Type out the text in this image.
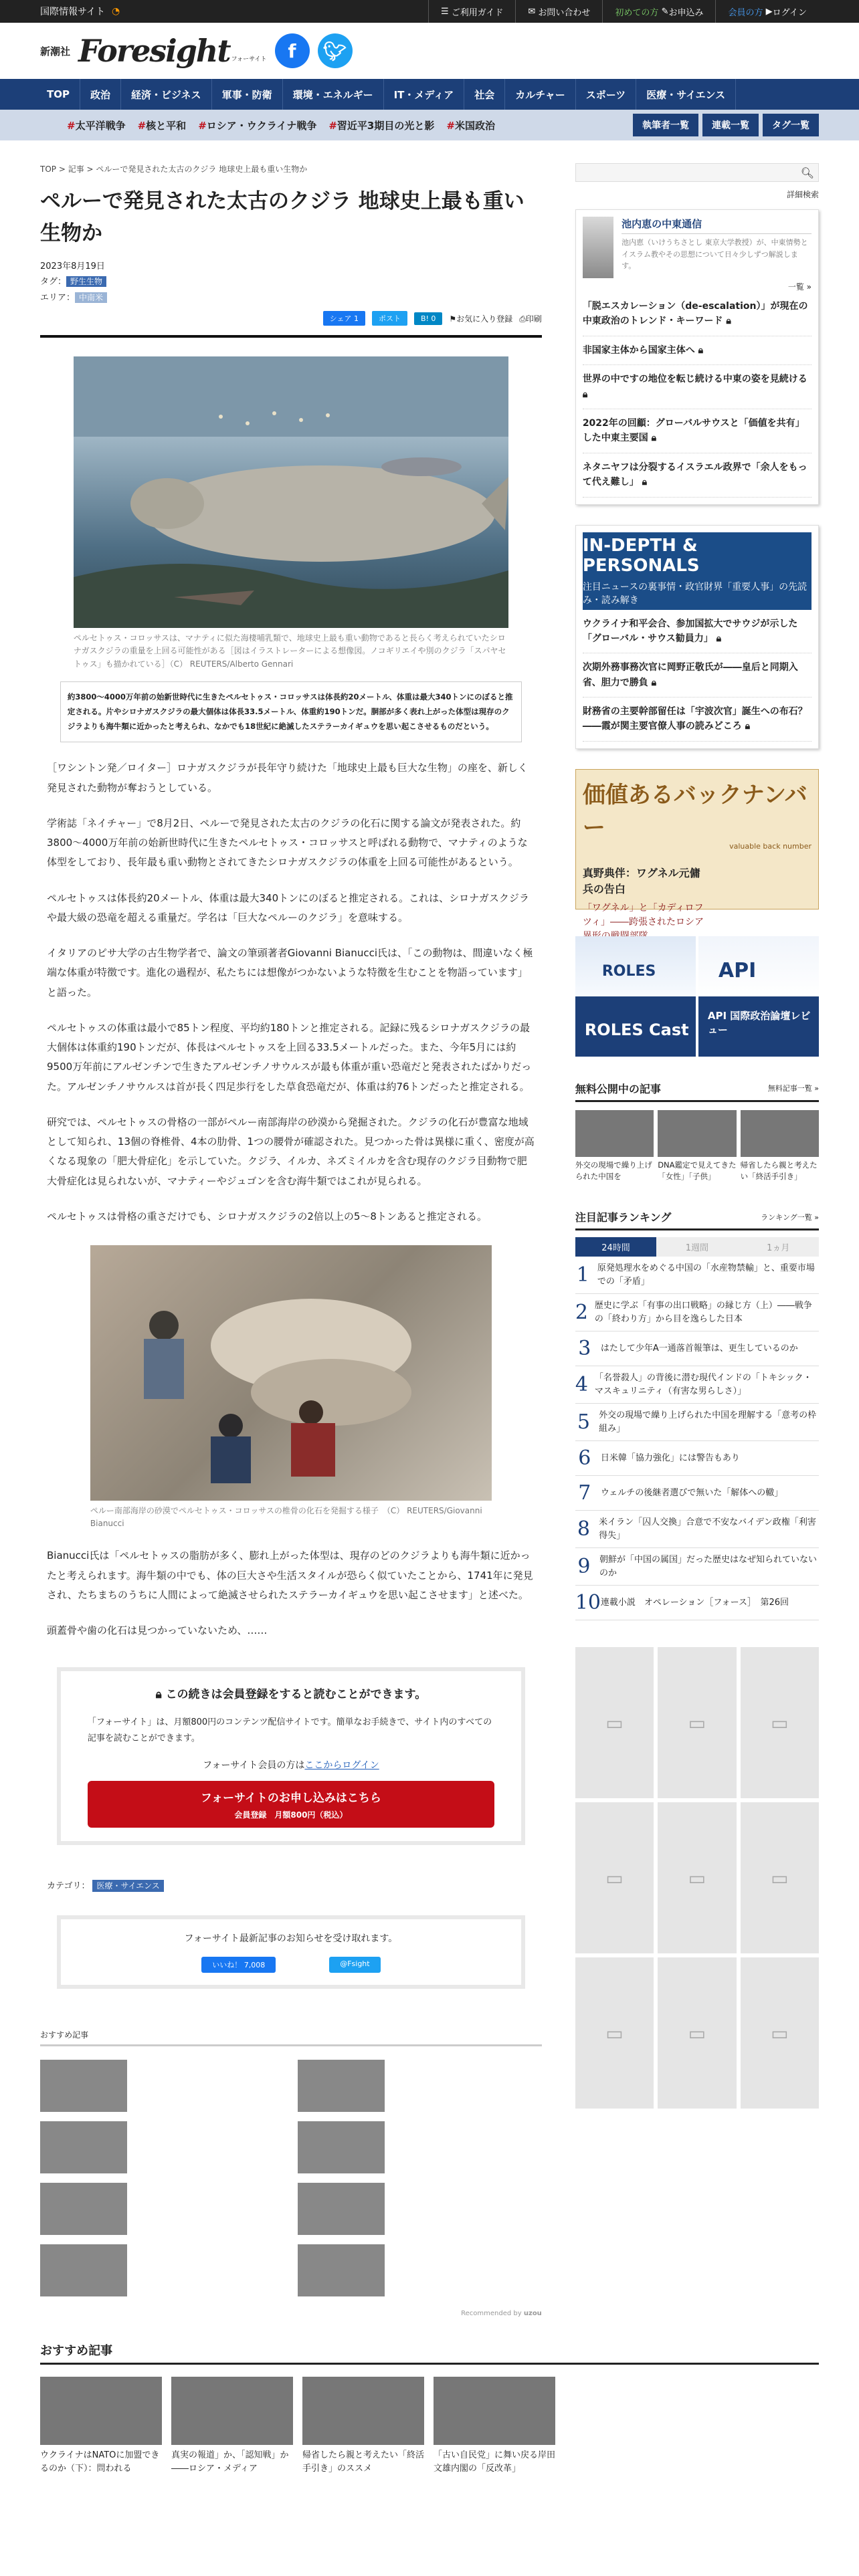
国際情報サイト ◔	☰ ご利用ガイド	✉ お問い合わせ	初めての方 ✎ お申込み	会員の方 ▶ ログイン
新潮社 Foresight フォーサイト	f	🐦︎
TOP	政治	経済・ビジネス	軍事・防衛	環境・エネルギー	IT・メディア	社会	カルチャー	スポーツ	医療・サイエンス
#太平洋戦争 #核と平和 #ロシア・ウクライナ戦争 #習近平3期目の光と影 #米国政治	執筆者一覧	連載一覧	タグ一覧
TOP > 記事 > ペルーで発見された太古のクジラ 地球史上最も重い生物か
ペルーで発見された太古のクジラ 地球史上最も重い生物か
2023年8月19日
タグ： 野生生物
エリア： 中南米
シェア 1	ポスト	B! 0	⚑お気に入り登録 ⎙印刷
ペルセトゥス・コロッサスは、マナティに似た海棲哺乳類で、地球史上最も重い動物であると長らく考えられていたシロナガスクジラの重量を上回る可能性がある［図はイラストレーターによる想像図。ノコギリエイや別のクジラ「スパヤセトゥス」も描かれている］（C） REUTERS/Alberto Gennari
約3800～4000万年前の始新世時代に生きたペルセトゥス・コロッサスは体長約20メートル、体重は最大340トンにのぼると推定される。片やシロナガスクジラの最大個体は体長33.5メートル、体重約190トンだ。胴部が多く表れ上がった体型は現存のクジラよりも海牛類に近かったと考えられ、なかでも18世紀に絶滅したステラーカイギュウを思い起こさせるものだという。

［ワシントン発／ロイター］ロナガスクジラが長年守り続けた「地球史上最も巨大な生物」の座を、新しく発見された動物が奪おうとしている。

学術誌「ネイチャー」で8月2日、ペルーで発見された太古のクジラの化石に関する論文が発表された。約3800～4000万年前の始新世時代に生きたペルセトゥス・コロッサスと呼ばれる動物で、マナティのような体型をしており、長年最も重い動物とされてきたシロナガスクジラの体重を上回る可能性があるという。

ペルセトゥスは体長約20メートル、体重は最大340トンにのぼると推定される。これは、シロナガスクジラや最大級の恐竜を超える重量だ。学名は「巨大なペルーのクジラ」を意味する。

イタリアのピサ大学の古生物学者で、論文の筆頭著者Giovanni Bianucci氏は、「この動物は、間違いなく極端な体重が特徴です。進化の過程が、私たちには想像がつかないような特徴を生むことを物語っています」と語った。

ペルセトゥスの体重は最小で85トン程度、平均約180トンと推定される。記録に残るシロナガスクジラの最大個体は体重約190トンだが、体長はペルセトゥスを上回る33.5メートルだった。また、今年5月には約9500万年前にアルゼンチンで生きたアルゼンチノサウルスが最も体重が重い恐竜だと発表されたばかりだった。アルゼンチノサウルスは首が長く四足歩行をした草食恐竜だが、体重は約76トンだったと推定される。

研究では、ペルセトゥスの骨格の一部がペルー南部海岸の砂漠から発掘された。クジラの化石が豊富な地域として知られ、13個の脊椎骨、4本の肋骨、1つの腰骨が確認された。見つかった骨は異様に重く、密度が高くなる現象の「肥大骨症化」を示していた。クジラ、イルカ、ネズミイルカを含む現存のクジラ目動物で肥大骨症化は見られないが、マナティーやジュゴンを含む海牛類ではこれが見られる。

ペルセトゥスは骨格の重さだけでも、シロナガスクジラの2倍以上の5～8トンあると推定される。

ペルー南部海岸の砂漠でペルセトゥス・コロッサスの椎骨の化石を発掘する様子　（C） REUTERS/Giovanni Bianucci

Bianucci氏は「ペルセトゥスの脂肪が多く、膨れ上がった体型は、現存のどのクジラよりも海牛類に近かったと考えられます。海牛類の中でも、体の巨大さや生活スタイルが恐らく似ていたことから、1741年に発見され、たちまちのうちに人間によって絶滅させられたステラーカイギュウを思い起こさせます」と述べた。

頭蓋骨や歯の化石は見つかっていないため、……

🔒︎ この続きは会員登録をすると読むことができます。
「フォーサイト」は、月額800円のコンテンツ配信サイトです。簡単なお手続きで、サイト内のすべての記事を読むことができます。
フォーサイト会員の方はここからログイン
フォーサイトのお申し込みはこちら
会員登録　月額800円（税込）
カテゴリ： 医療・サイエンス
フォーサイト最新記事のお知らせを受け取れます。
いいね！ 7,008	@Fsight
おすすめ記事
Recommended by uzou
🔍︎
詳細検索
池内恵の中東通信
池内恵（いけうちさとし 東京大学教授）が、中東情勢とイスラム教やその思想について日々少しずつ解説します。
一覧 »
「脱エスカレーション（de-escalation）」が現在の中東政治のトレンド・キーワード 🔒︎
非国家主体から国家主体へ 🔒︎
世界の中ですの地位を転じ続ける中東の姿を見続ける 🔒︎
2022年の回顧：グローバルサウスと「価値を共有」した中東主要国 🔒︎
ネタニヤフは分裂するイスラエル政界で「余人をもって代え難し」 🔒︎
IN-DEPTH & PERSONALS
注目ニュースの裏事情・政官財界「重要人事」の先読み・読み解き
ウクライナ和平会合、参加国拡大でサウジが示した「グローバル・サウス勧員力」 🔒︎
次期外務事務次官に岡野正敬氏が――皇后と同期入省、胆力で勝負 🔒︎
財務省の主要幹部留任は「宇波次官」誕生への布石？――霞が関主要官僚人事の読みどころ 🔒︎
価値あるバックナンバー
valuable back number
真野典伴：ワグネル元傭兵の告白
「ワグネル」と「カディロフツィ」――跨張されたロシア
ROLES
ROLES Cast
API
API 国際政治論壇レビュー
無料公開中の記事	無料記事一覧 »
外交の現場で繰り上げられた中国を
DNA鑑定で見えてきた「女性」「子供」
帰省したら親と考えたい「終活手引き」
注目記事ランキング	ランキング一覧 »
24時間	1週間	1ヵ月
1 原発処理水をめぐる中国の「水産物禁輸」と、重要市場での「矛盾」
2 歴史に学ぶ「有事の出口戦略」の縁じ方（上）――戦争の「終わり方」から目を逸らした日本
3	はたして少年A一通落首報筆は、更生しているのか
4 「名誉殺人」の背後に潜む現代インドの「トキシック・マスキュリニティ（有害な男らしさ）」
5 外交の現場で繰り上げられた中国を理解する「意考の枠組み」
6	日米韓「協力強化」には警告もあり
7	ウェルチの後継者選びで無いた「解体への轍」
8 米イラン「囚人交換」合意で不安なバイデン政権「利害得失」
9 朝鮮が「中国の属国」だった歴史はなぜ知られていないのか
10 連載小説　オペレーション［フォース］　第26回
▭	▭	▭
▭	▭	▭
▭	▭	▭
おすすめ記事
ウクライナはNATOに加盟できるのか（下）：問われる
真実の報道」か、「認知戦」か――ロシア・メディア
帰省したら親と考えたい「終活手引き」のススメ
「古い自民党」に舞い戻る岸田文雄内閣の「反改革」
